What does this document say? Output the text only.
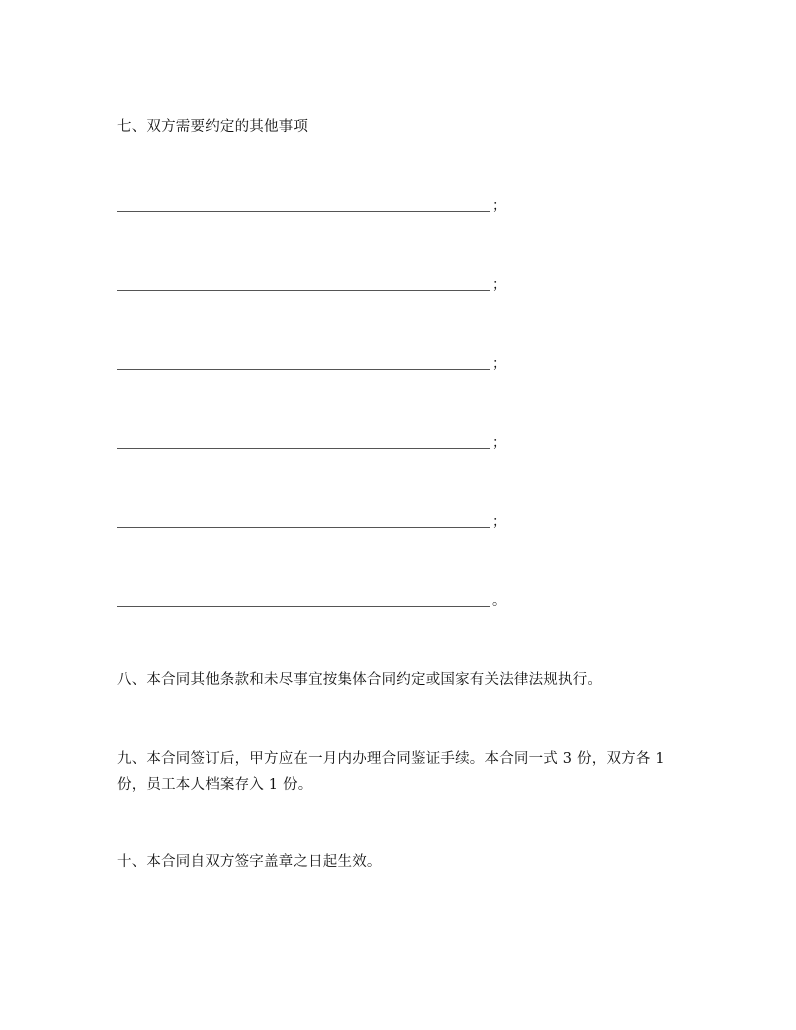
七、双方需要约定的其他事项
；
；
；
；
；
。
八、本合同其他条款和未尽事宜按集体合同约定或国家有关法律法规执行。
九、本合同签订后，甲方应在一月内办理合同鉴证手续。本合同一式 3 份，双方各 1 份，员工本人档案存入 1 份。
十、本合同自双方签字盖章之日起生效。
